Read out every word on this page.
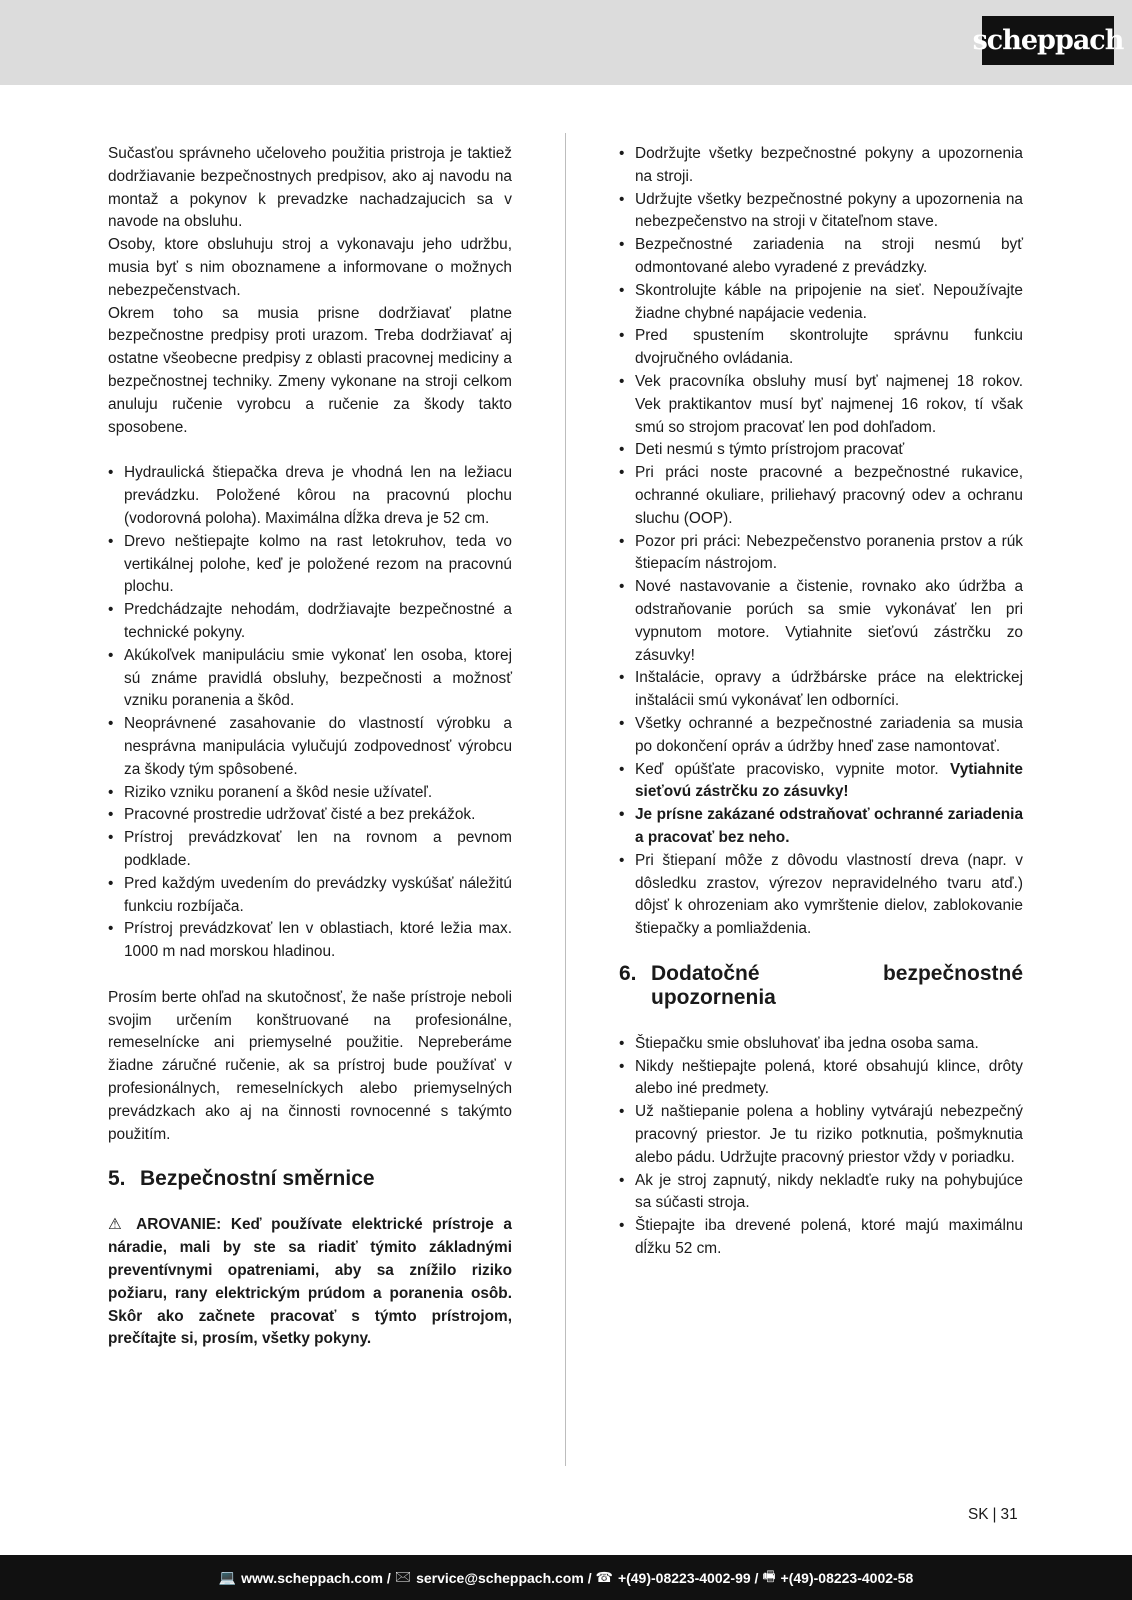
scheppach

Sučasťou správneho učeloveho použitia pristroja je taktiež dodržiavanie bezpečnostnych predpisov, ako aj navodu na montaž a pokynov k prevadzke nachadzajucich sa v navode na obsluhu.

Osoby, ktore obsluhuju stroj a vykonavaju jeho udržbu, musia byť s nim oboznamene a informovane o možnych nebezpečenstvach.

Okrem toho sa musia prisne dodržiavať platne bezpečnostne predpisy proti urazom. Treba dodržiavať aj ostatne všeobecne predpisy z oblasti pracovnej mediciny a bezpečnostnej techniky. Zmeny vykonane na stroji celkom anuluju ručenie vyrobcu a ručenie za škody takto sposobene.

• Hydraulická štiepačka dreva je vhodná len na ležiacu prevádzku. Položené kôrou na pracovnú plochu (vodorovná poloha). Maximálna dĺžka dreva je 52 cm.
• Drevo neštiepajte kolmo na rast letokruhov, teda vo vertikálnej polohe, keď je položené rezom na pracovnú plochu.
• Predchádzajte nehodám, dodržiavajte bezpečnostné a technické pokyny.
• Akúkoľvek manipuláciu smie vykonať len osoba, ktorej sú známe pravidlá obsluhy, bezpečnosti a možnosť vzniku poranenia a škôd.
• Neoprávnené zasahovanie do vlastností výrobku a nesprávna manipulácia vylučujú zodpovednosť výrobcu za škody tým spôsobené.
• Riziko vzniku poranení a škôd nesie užívateľ.
• Pracovné prostredie udržovať čisté a bez prekážok.
• Prístroj prevádzkovať len na rovnom a pevnom podklade.
• Pred každým uvedením do prevádzky vyskúšať náležitú funkciu rozbíjača.
• Prístroj prevádzkovať len v oblastiach, ktoré ležia max. 1000 m nad morskou hladinou.

Prosím berte ohľad na skutočnosť, že naše prístroje neboli svojim určením konštruované na profesionálne, remeselnícke ani priemyselné použitie. Nepreberáme žiadne záručné ručenie, ak sa prístroj bude používať v profesionálnych, remeselníckych alebo priemyselných prevádzkach ako aj na činnosti rovnocenné s takýmto použitím.

5. Bezpečnostní směrnice

⚠ AROVANIE: Keď používate elektrické prístroje a náradie, mali by ste sa riadiť týmito základnými preventívnymi opatreniami, aby sa znížilo riziko požiaru, rany elektrickým prúdom a poranenia osôb. Skôr ako začnete pracovať s týmto prístrojom, prečítajte si, prosím, všetky pokyny.

• Dodržujte všetky bezpečnostné pokyny a upozornenia na stroji.
• Udržujte všetky bezpečnostné pokyny a upozornenia na nebezpečenstvo na stroji v čitateľnom stave.
• Bezpečnostné zariadenia na stroji nesmú byť odmontované alebo vyradené z prevádzky.
• Skontrolujte káble na pripojenie na sieť. Nepoužívajte žiadne chybné napájacie vedenia.
• Pred spustením skontrolujte správnu funkciu dvojručného ovládania.
• Vek pracovníka obsluhy musí byť najmenej 18 rokov. Vek praktikantov musí byť najmenej 16 rokov, tí však smú so strojom pracovať len pod dohľadom.
• Deti nesmú s týmto prístrojom pracovať
• Pri práci noste pracovné a bezpečnostné rukavice, ochranné okuliare, priliehavý pracovný odev a ochranu sluchu (OOP).
• Pozor pri práci: Nebezpečenstvo poranenia prstov a rúk štiepacím nástrojom.
• Nové nastavovanie a čistenie, rovnako ako údržba a odstraňovanie porúch sa smie vykonávať len pri vypnutom motore. Vytiahnite sieťovú zástrčku zo zásuvky!
• Inštalácie, opravy a údržbárske práce na elektrickej inštalácii smú vykonávať len odborníci.
• Všetky ochranné a bezpečnostné zariadenia sa musia po dokončení opráv a údržby hneď zase namontovať.
• Keď opúšťate pracovisko, vypnite motor. Vytiahnite sieťovú zástrčku zo zásuvky!
• Je prísne zakázané odstraňovať ochranné zariadenia a pracovať bez neho.
• Pri štiepaní môže z dôvodu vlastností dreva (napr. v dôsledku zrastov, výrezov nepravidelného tvaru atď.) dôjsť k ohrozeniam ako vymrštenie dielov, zablokovanie štiepačky a pomliaždenia.
6. Dodatočné	bezpečnostné
upozornenia
• Štiepačku smie obsluhovať iba jedna osoba sama.
• Nikdy neštiepajte polená, ktoré obsahujú klince, drôty alebo iné predmety.
• Už naštiepanie polena a hobliny vytvárajú nebezpečný pracovný priestor. Je tu riziko potknutia, pošmyknutia alebo pádu. Udržujte pracovný priestor vždy v poriadku.
• Ak je stroj zapnutý, nikdy nekladťe ruky na pohybujúce sa súčasti stroja.
• Štiepajte iba drevené polená, ktoré majú maximálnu dĺžku 52 cm.
SK | 31
💻 www.scheppach.com / 🖂 service@scheppach.com / ☎ +(49)-08223-4002-99 / 🖷 +(49)-08223-4002-58
